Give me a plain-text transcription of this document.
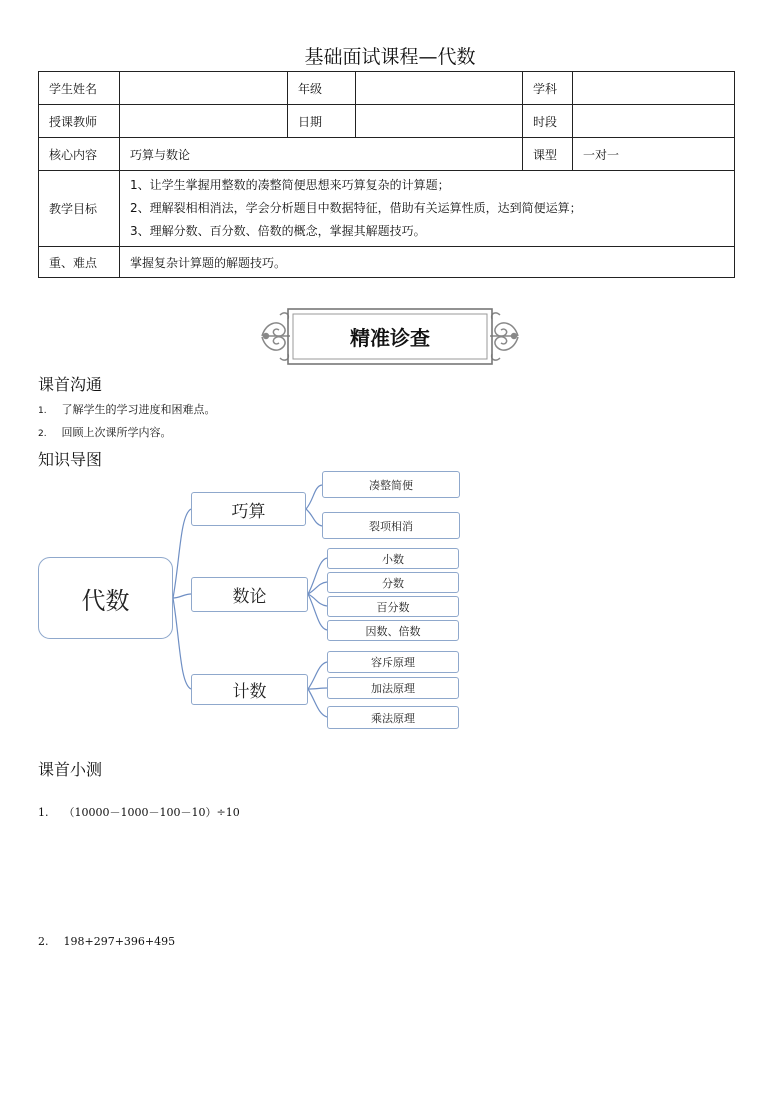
基础面试课程—代数
学生姓名		年级		学科	
授课教师		日期		时段	
核心内容	巧算与数论			课型	一对一
教学目标	1、让学生掌握用整数的凑整简便思想来巧算复杂的计算题；
2、理解裂相相消法，学会分析题目中数据特征，借助有关运算性质，达到简便运算；
3、理解分数、百分数、倍数的概念，掌握其解题技巧。				

重、难点	掌握复杂计算题的解题技巧。				
精准诊查
课首沟通
1. 了解学生的学习进度和困难点。
2. 回顾上次课所学内容。
知识导图
代数
巧算
数论
计数
凑整简便
裂项相消
小数
分数
百分数
因数、倍数
容斥原理
加法原理
乘法原理
课首小测
1. （10000－1000－100－10）÷10
2. 198+297+396+495
